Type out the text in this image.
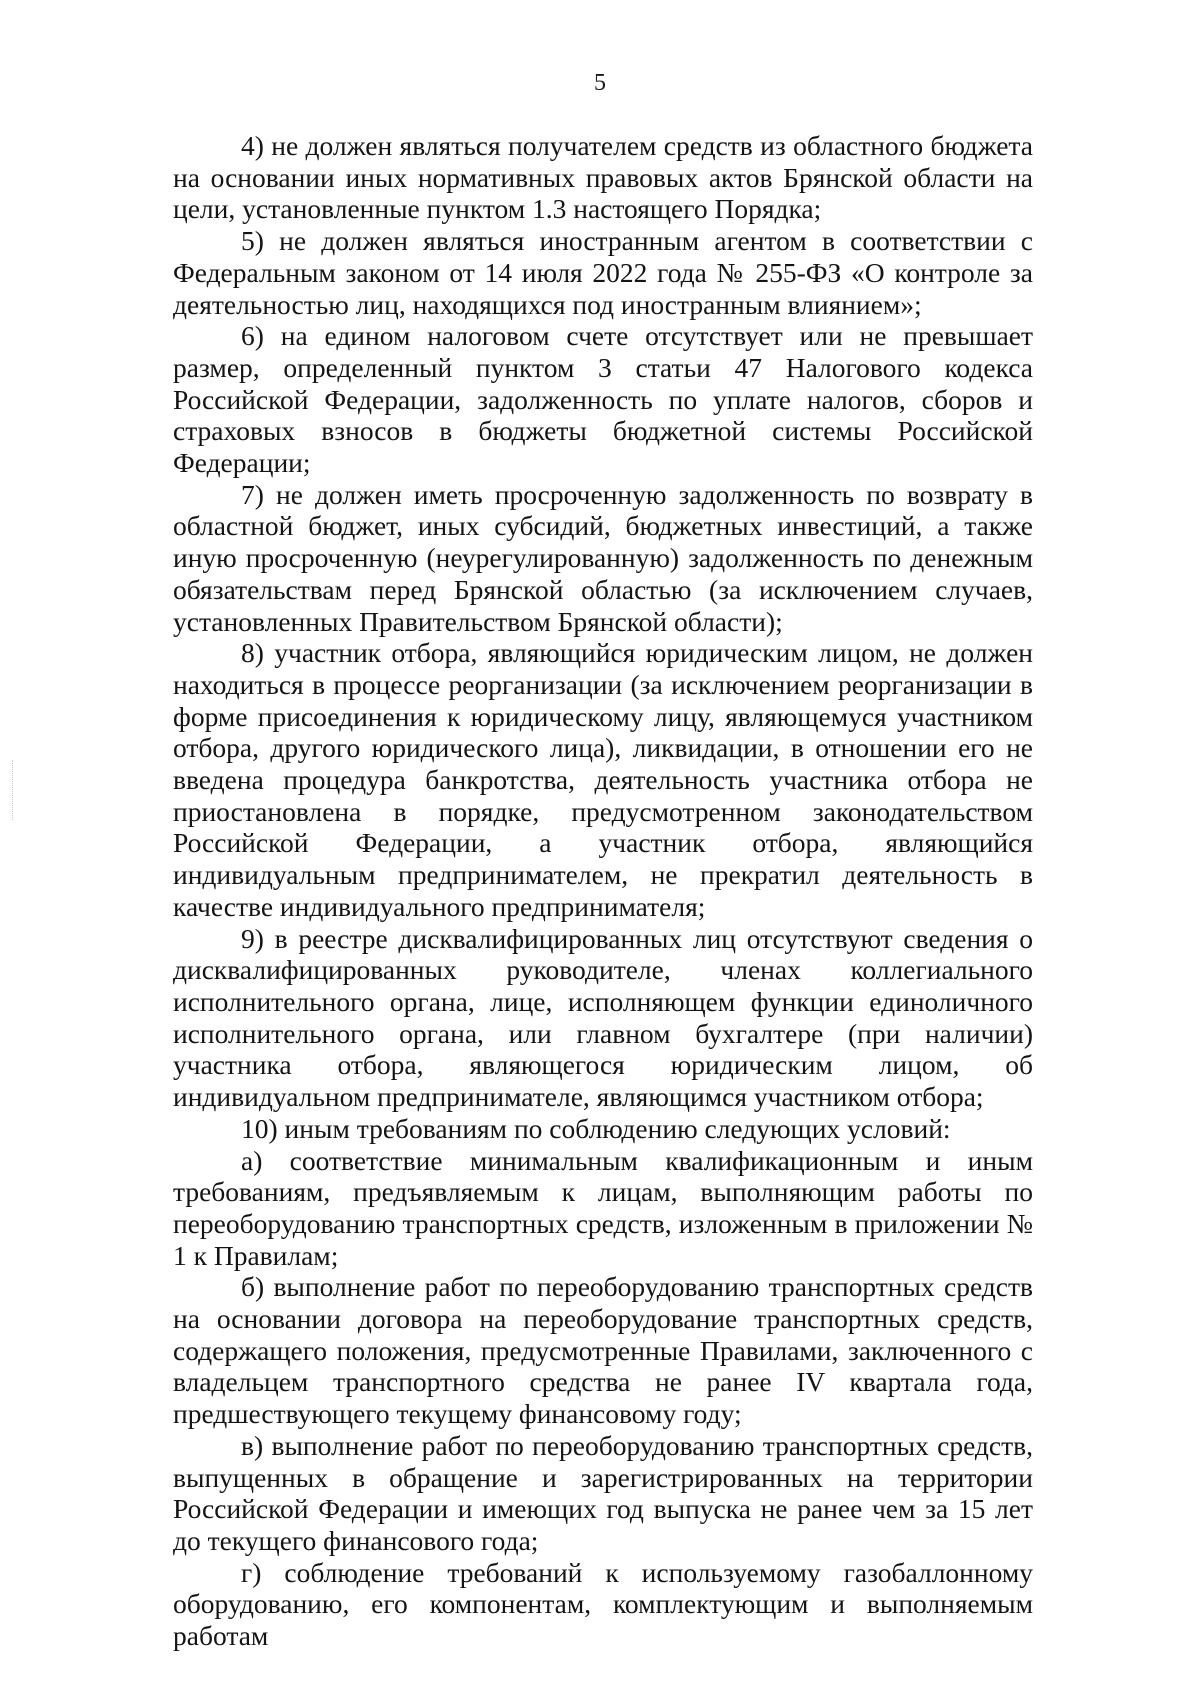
5

4) не должен являться получателем средств из областного бюджета на основании иных нормативных правовых актов Брянской области на цели, установленные пунктом 1.3 настоящего Порядка;

5) не должен являться иностранным агентом в соответствии с Федеральным законом от 14 июля 2022 года № 255-ФЗ «О контроле за деятельностью лиц, находящихся под иностранным влиянием»;

6) на едином налоговом счете отсутствует или не превышает размер, определенный пунктом 3 статьи 47 Налогового кодекса Российской Федерации, задолженность по уплате налогов, сборов и страховых взносов в бюджеты бюджетной системы Российской Федерации;

7) не должен иметь просроченную задолженность по возврату в областной бюджет, иных субсидий, бюджетных инвестиций, а также иную просроченную (неурегулированную) задолженность по денежным обязательствам перед Брянской областью (за исключением случаев, установленных Правительством Брянской области);

8) участник отбора, являющийся юридическим лицом, не должен находиться в процессе реорганизации (за исключением реорганизации в форме присоединения к юридическому лицу, являющемуся участником отбора, другого юридического лица), ликвидации, в отношении его не введена процедура банкротства, деятельность участника отбора не приостановлена в порядке, предусмотренном законодательством Российской Федерации, а участник отбора, являющийся индивидуальным предпринимателем, не прекратил деятельность в качестве индивидуального предпринимателя;

9) в реестре дисквалифицированных лиц отсутствуют сведения о дисквалифицированных руководителе, членах коллегиального исполнительного органа, лице, исполняющем функции единоличного исполнительного органа, или главном бухгалтере (при наличии) участника отбора, являющегося юридическим лицом, об индивидуальном предпринимателе, являющимся участником отбора;

10) иным требованиям по соблюдению следующих условий:

а) соответствие минимальным квалификационным и иным требованиям, предъявляемым к лицам, выполняющим работы по переоборудованию транспортных средств, изложенным в приложении № 1 к Правилам;

б) выполнение работ по переоборудованию транспортных средств на основании договора на переоборудование транспортных средств, содержащего положения, предусмотренные Правилами, заключенного с владельцем транспортного средства не ранее IV квартала года, предшествующего текущему финансовому году;

в) выполнение работ по переоборудованию транспортных средств, выпущенных в обращение и зарегистрированных на территории Российской Федерации и имеющих год выпуска не ранее чем за 15 лет до текущего финансового года;

г) соблюдение требований к используемому газобаллонному оборудованию, его компонентам, комплектующим и выполняемым работам
